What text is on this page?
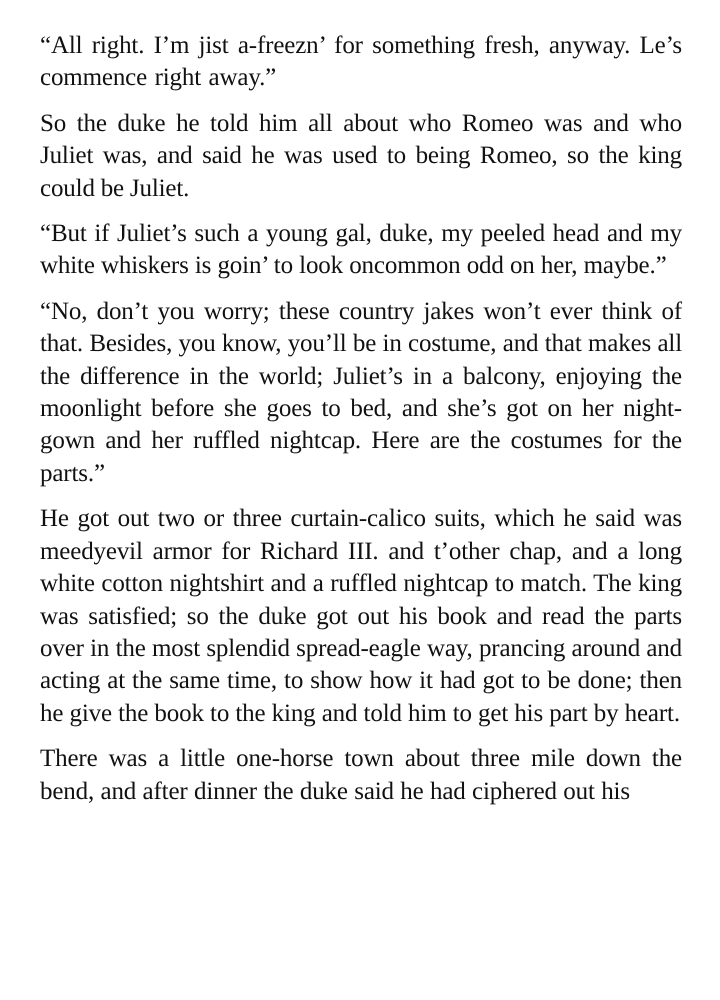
“All right. I’m jist a-freezn’ for something fresh, anyway. Le’s commence right away.”

So the duke he told him all about who Romeo was and who Juliet was, and said he was used to being Romeo, so the king could be Juliet.

“But if Juliet’s such a young gal, duke, my peeled head and my white whiskers is goin’ to look oncommon odd on her, maybe.”

“No, don’t you worry; these country jakes won’t ever think of that. Besides, you know, you’ll be in costume, and that makes all the difference in the world; Juliet’s in a balcony, enjoying the moonlight before she goes to bed, and she’s got on her night-gown and her ruffled nightcap. Here are the costumes for the parts.”

He got out two or three curtain-calico suits, which he said was meedyevil armor for Richard III. and t’other chap, and a long white cotton nightshirt and a ruffled nightcap to match. The king was satisfied; so the duke got out his book and read the parts over in the most splendid spread-eagle way, prancing around and acting at the same time, to show how it had got to be done; then he give the book to the king and told him to get his part by heart.

There was a little one-horse town about three mile down the bend, and after dinner the duke said he had ciphered out his
